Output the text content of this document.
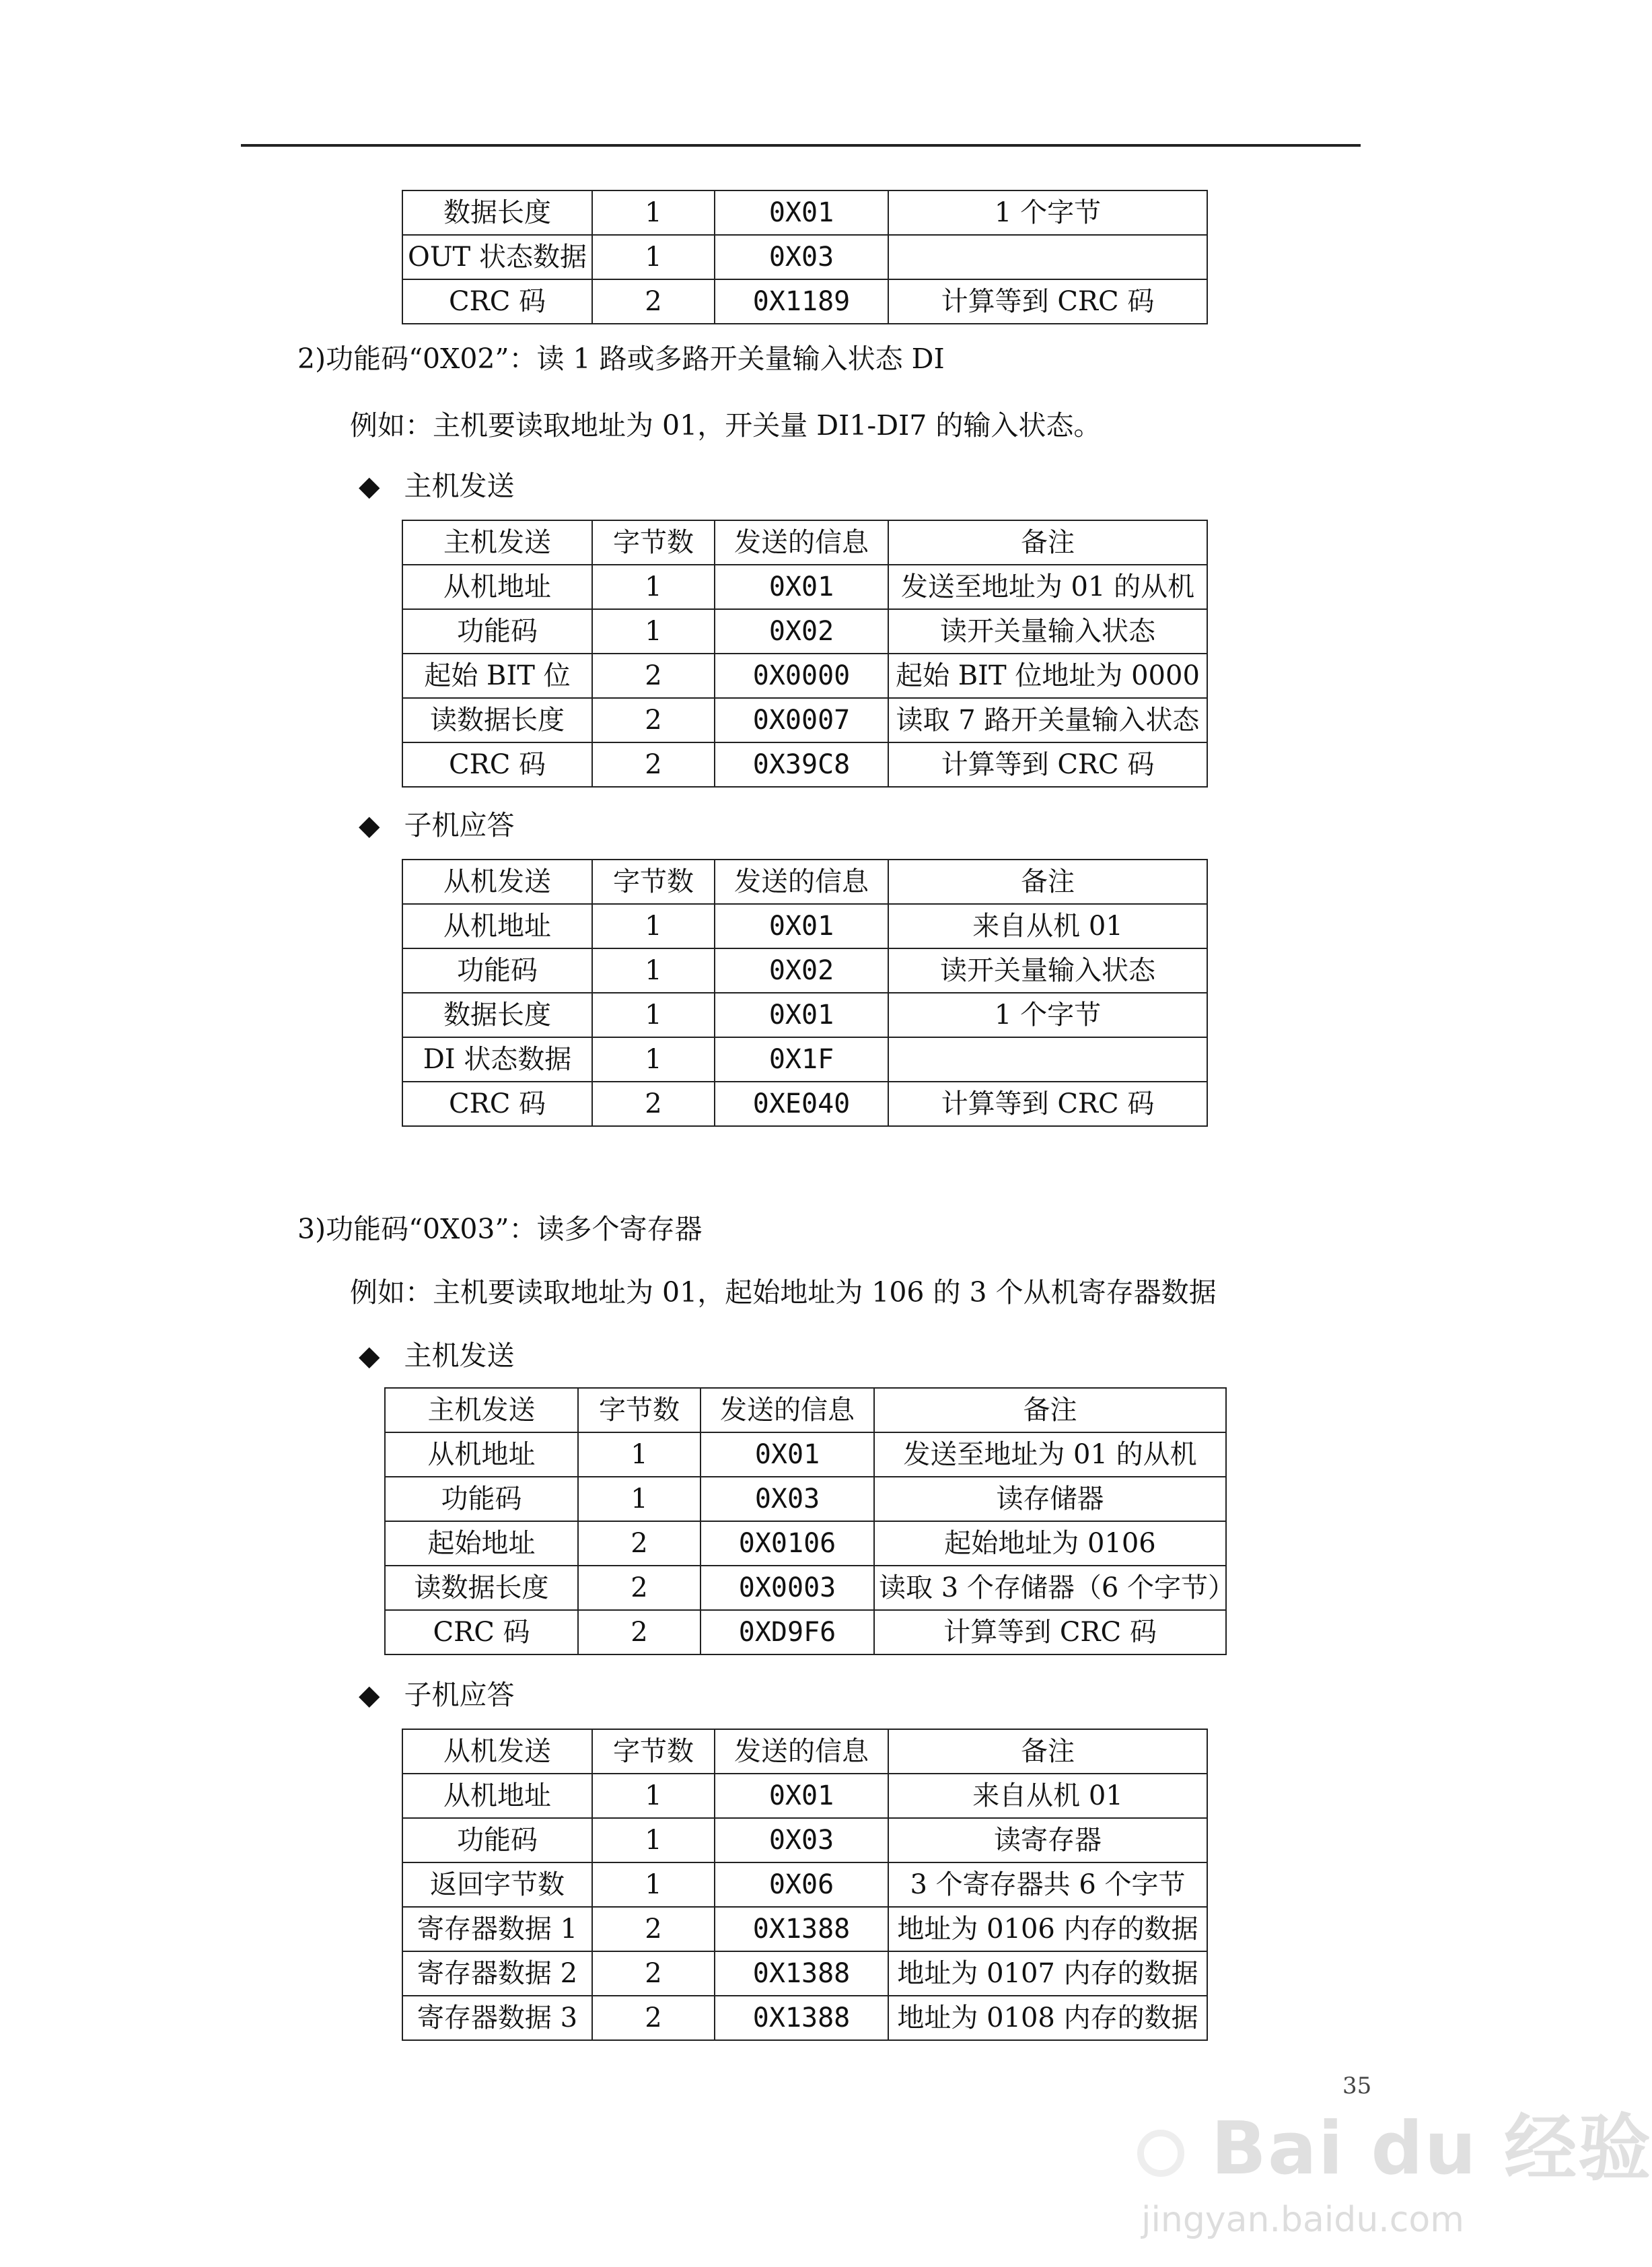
数据长度	1	0X01	1 个字节
OUT 状态数据	1	0X03	
CRC 码	2	0X1189	计算等到 CRC 码
2)功能码“0X02”：读 1 路或多路开关量输入状态 DI
例如：主机要读取地址为 01，开关量 DI1-DI7 的输入状态。
◆ 主机发送
主机发送	字节数	发送的信息	备注
从机地址	1	0X01	发送至地址为 01 的从机
功能码	1	0X02	读开关量输入状态
起始 BIT 位	2	0X0000	起始 BIT 位地址为 0000
读数据长度	2	0X0007	读取 7 路开关量输入状态
CRC 码	2	0X39C8	计算等到 CRC 码
◆ 子机应答
从机发送	字节数	发送的信息	备注
从机地址	1	0X01	来自从机 01
功能码	1	0X02	读开关量输入状态
数据长度	1	0X01	1 个字节
DI 状态数据	1	0X1F	
CRC 码	2	0XE040	计算等到 CRC 码
3)功能码“0X03”：读多个寄存器
例如：主机要读取地址为 01，起始地址为 106 的 3 个从机寄存器数据
◆ 主机发送
主机发送	字节数	发送的信息	备注
从机地址	1	0X01	发送至地址为 01 的从机
功能码	1	0X03	读存储器
起始地址	2	0X0106	起始地址为 0106
读数据长度	2	0X0003	读取 3 个存储器（6 个字节）
CRC 码	2	0XD9F6	计算等到 CRC 码
◆ 子机应答
从机发送	字节数	发送的信息	备注
从机地址	1	0X01	来自从机 01
功能码	1	0X03	读寄存器
返回字节数	1	0X06	3 个寄存器共 6 个字节
寄存器数据 1	2	0X1388	地址为 0106 内存的数据
寄存器数据 2	2	0X1388	地址为 0107 内存的数据
寄存器数据 3	2	0X1388	地址为 0108 内存的数据
35
Bai du 经验
jingyan.baidu.com
